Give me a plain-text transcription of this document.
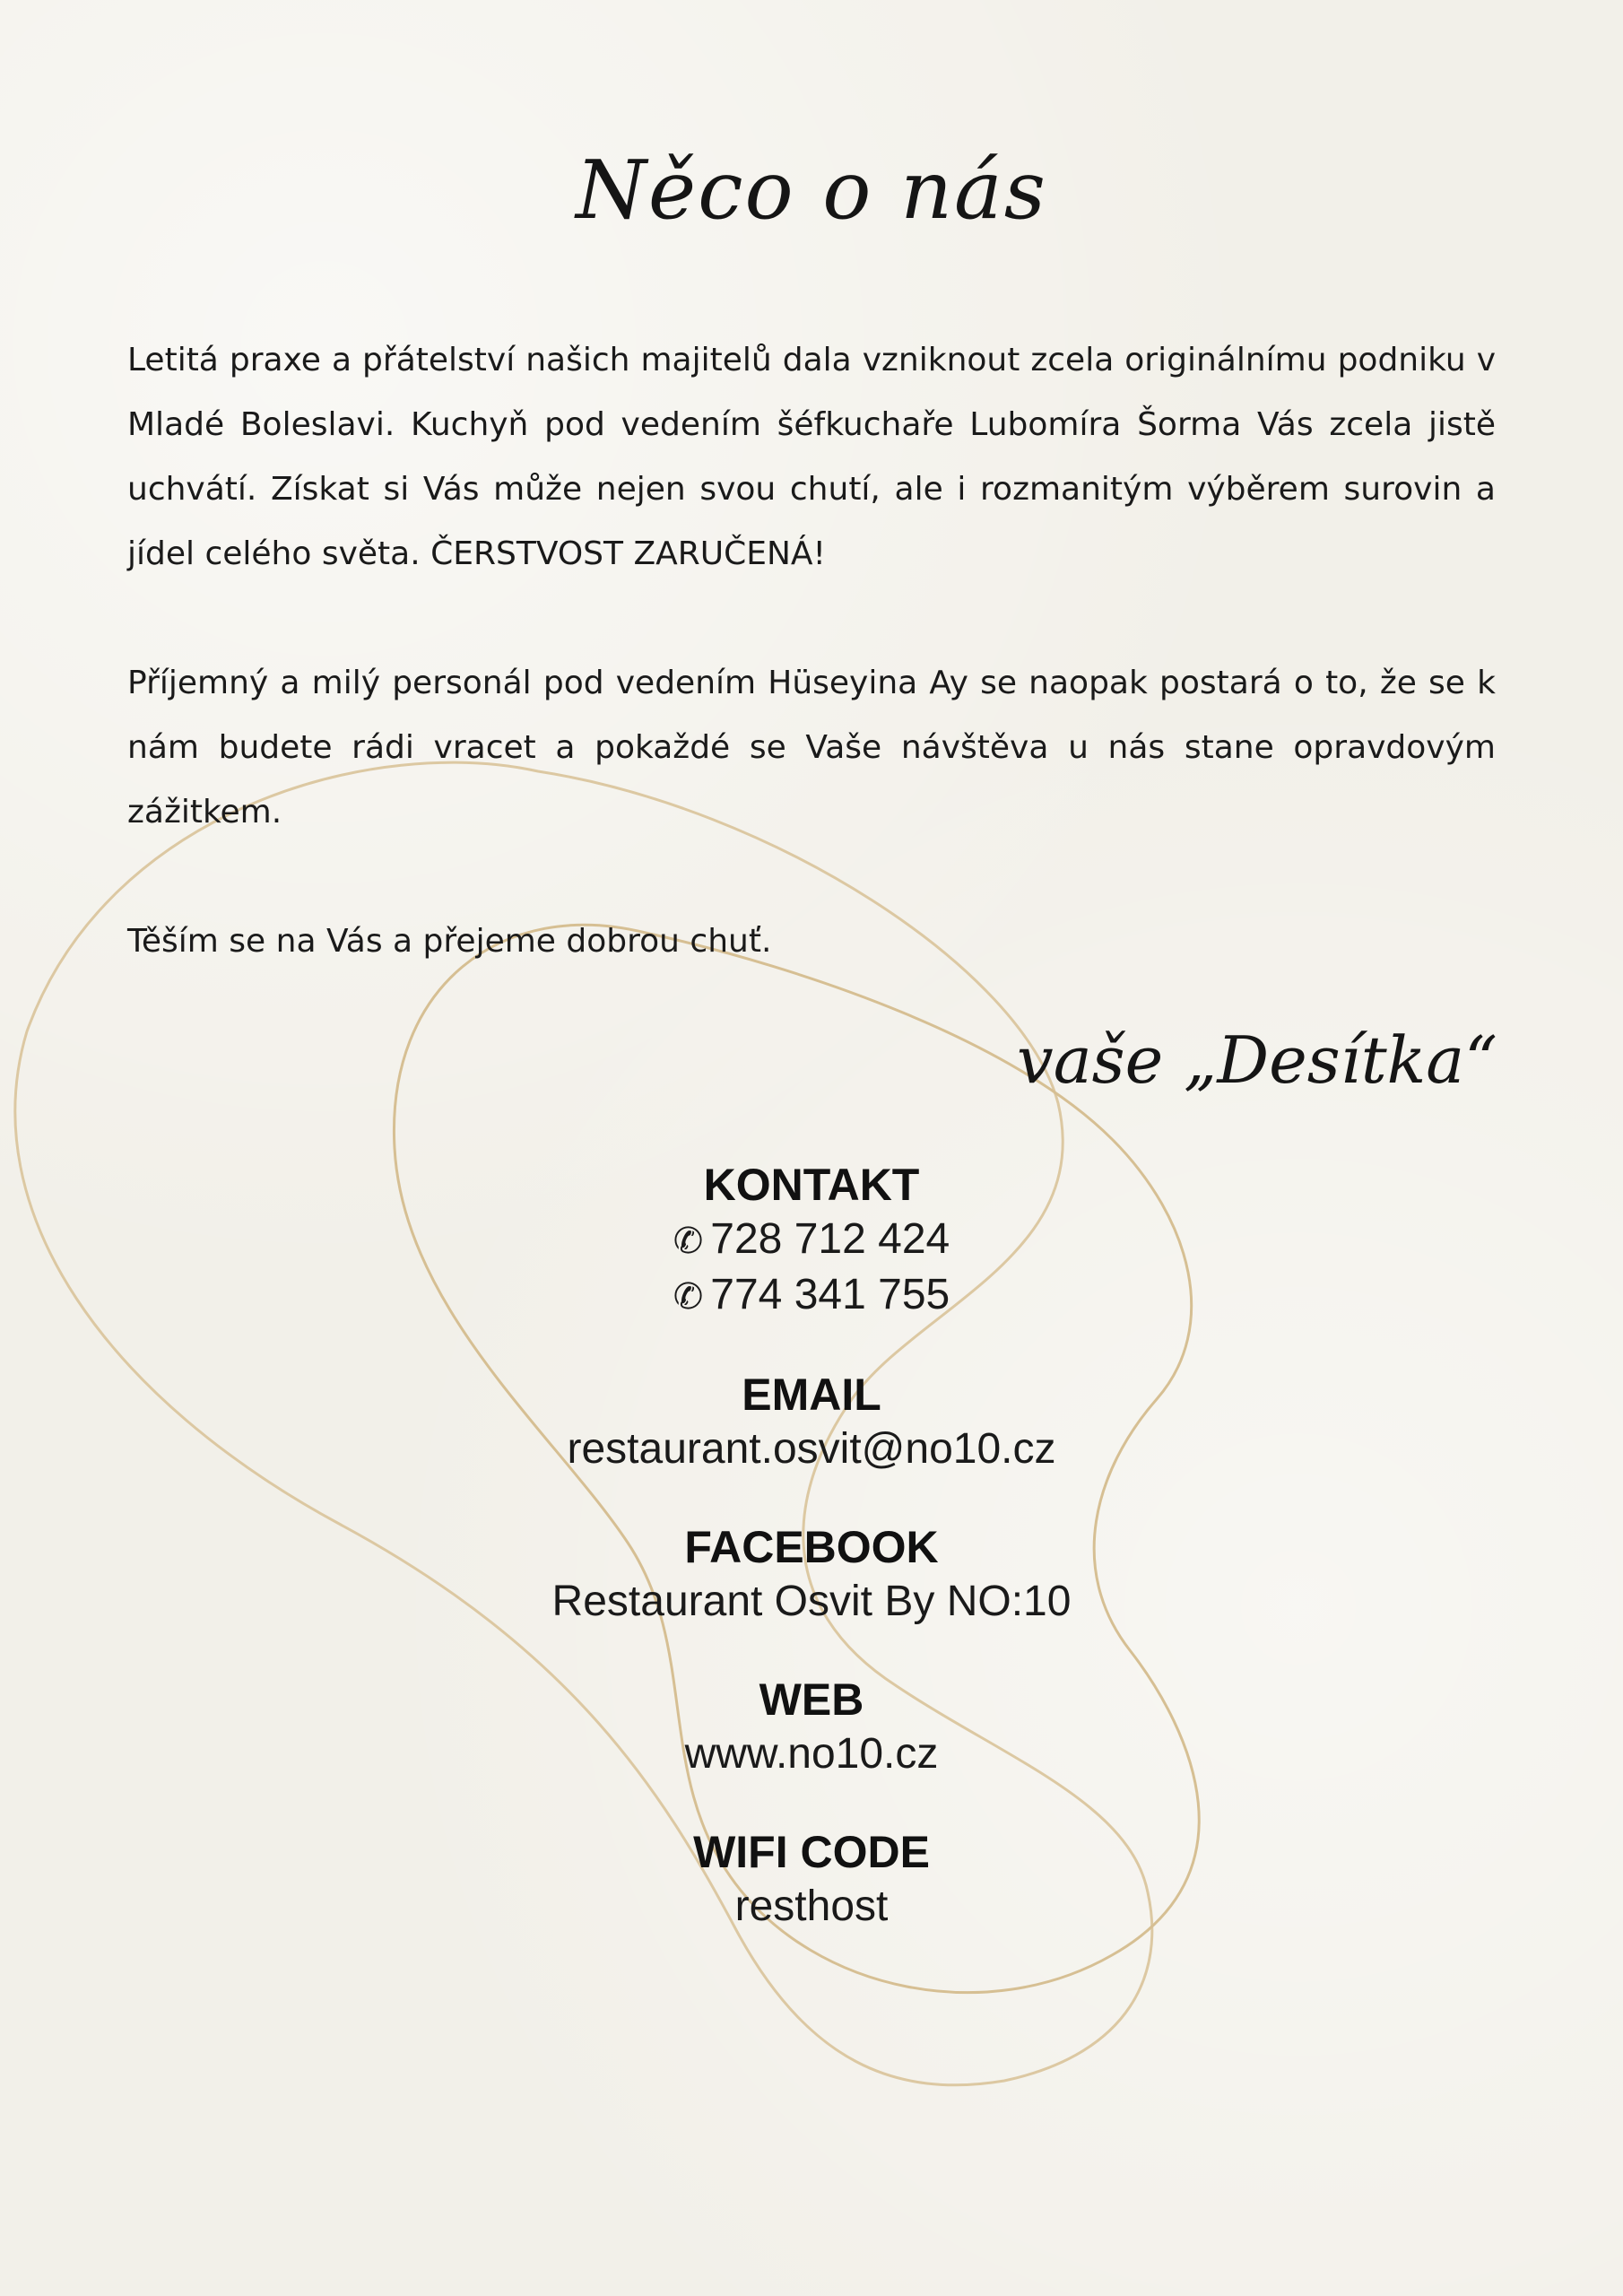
Něco o nás

Letitá praxe a přátelství našich majitelů dala vzniknout zcela originálnímu podniku v Mladé Boleslavi. Kuchyň pod vedením šéfkuchaře Lubomíra Šorma Vás zcela jistě uchvátí. Získat si Vás může nejen svou chutí, ale i rozmanitým výběrem surovin a jídel celého světa. ČERSTVOST ZARUČENÁ!

Příjemný a milý personál pod vedením Hüseyina Ay se naopak postará o to, že se k nám budete rádi vracet a pokaždé se Vaše návštěva u nás stane opravdovým zážitkem.

Těším se na Vás a přejeme dobrou chuť.

vaše „Desítka“
KONTAKT
✆ 728 712 424
✆ 774 341 755
EMAIL
restaurant.osvit@no10.cz
FACEBOOK
Restaurant Osvit By NO:10
WEB
www.no10.cz
WIFI CODE
resthost
